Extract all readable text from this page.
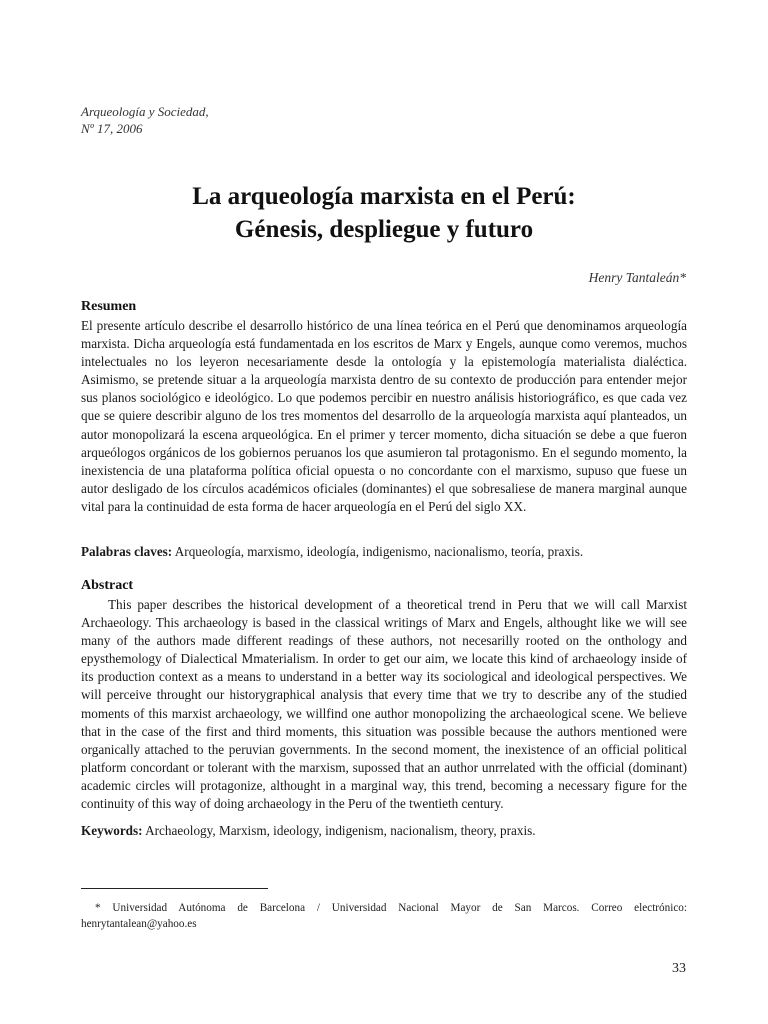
Arqueología y Sociedad,
Nº 17, 2006
La arqueología marxista en el Perú:
Génesis, despliegue y futuro
Henry Tantaleán*
Resumen
El presente artículo describe el desarrollo histórico de una línea teórica en el Perú que denominamos arqueología marxista. Dicha arqueología está fundamentada en los escritos de Marx y Engels, aunque como veremos, muchos intelectuales no los leyeron necesariamente desde la ontología y la epistemología materialista dialéctica. Asimismo, se pretende situar a la arqueología marxista dentro de su contexto de producción para entender mejor sus planos sociológico e ideológico. Lo que podemos percibir en nuestro análisis historiográfico, es que cada vez que se quiere describir alguno de los tres momentos del desarrollo de la arqueología marxista aquí planteados, un autor monopolizará la escena arqueológica. En el primer y tercer momento, dicha situación se debe a que fueron arqueólogos orgánicos de los gobiernos peruanos los que asumieron tal protagonismo. En el segundo momento, la inexistencia de una plataforma política oficial opuesta o no concordante con el marxismo, supuso que fuese un autor desligado de los círculos académicos oficiales (dominantes) el que sobresaliese de manera marginal aunque vital para la continuidad de esta forma de hacer arqueología en el Perú del siglo XX.
Palabras claves: Arqueología, marxismo, ideología, indigenismo, nacionalismo, teoría, praxis.
Abstract
This paper describes the historical development of a theoretical trend in Peru that we will call Marxist Archaeology. This archaeology is based in the classical writings of Marx and Engels, althought like we will see many of the authors made different readings of these authors, not necesarilly rooted on the onthology and epysthemology of Dialectical Mmaterialism. In order to get our aim, we locate this kind of archaeology inside of its production context as a means to understand in a better way its sociological and ideological perspectives. We will perceive throught our historygraphical analysis that every time that we try to describe any of the studied moments of this marxist archaeology, we willfind one author monopolizing the archaeological scene. We believe that in the case of the first and third moments, this situation was possible because the authors mentioned were organically attached to the peruvian governments. In the second moment, the inexistence of an official political platform concordant or tolerant with the marxism, supossed that an author unrrelated with the official (dominant) academic circles will protagonize, althought in a marginal way, this trend, becoming a necessary figure for the continuity of this way of doing archaeology in the Peru of the twentieth century.
Keywords: Archaeology, Marxism, ideology, indigenism, nacionalism, theory, praxis.
* Universidad Autónoma de Barcelona / Universidad Nacional Mayor de San Marcos. Correo electrónico: henrytantalean@yahoo.es
33
